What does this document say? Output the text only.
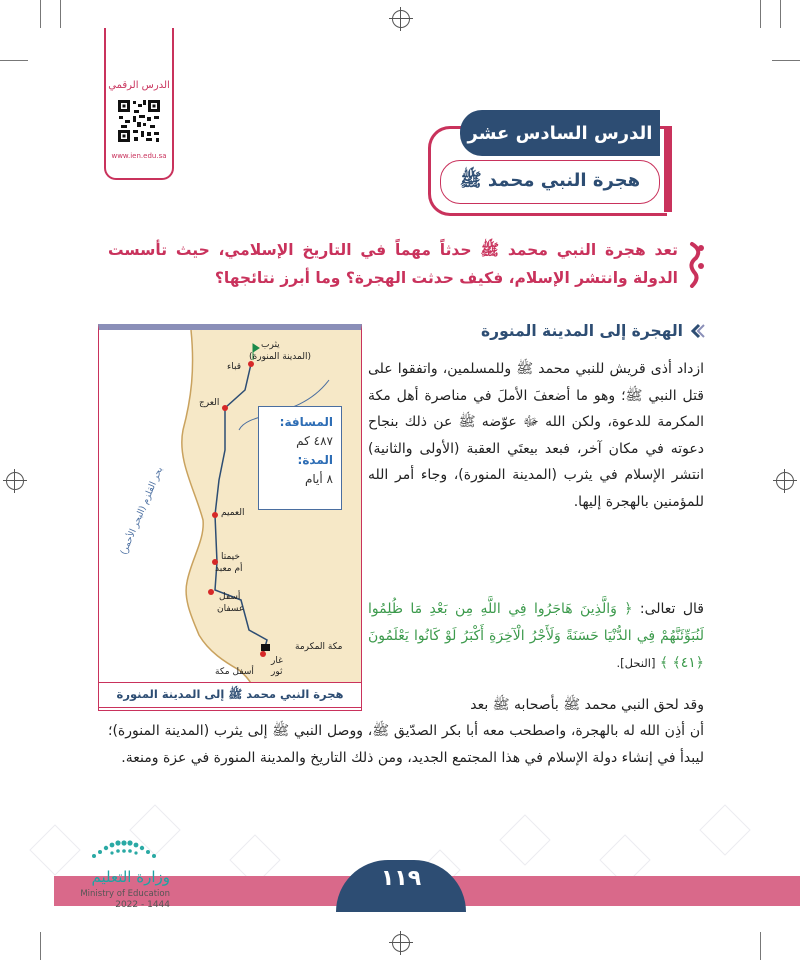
الدرس الرقمي
www.ien.edu.sa
الدرس السادس عشر
هجرة النبي محمد ﷺ
تعد هجرة النبي محمد ﷺ حدثاً مهماً في التاريخ الإسلامي، حيث تأسست الدولة وانتشر الإسلام، فكيف حدثت الهجرة؟ وما أبرز نتائجها؟
الهجرة إلى المدينة المنورة
ازداد أذى قريش للنبي محمد ﷺ وللمسلمين، واتفقوا على قتل النبي ﷺ؛ وهو ما أضعفَ الأملَ في مناصرة أهل مكة المكرمة للدعوة، ولكن الله ﷻ عوّضه ﷺ عن ذلك بنجاح دعوته في مكان آخر، فبعد بيعتَي العقبة (الأولى والثانية) انتشر الإسلام في يثرب (المدينة المنورة)، وجاء أمر الله للمؤمنين بالهجرة إليها.
قال تعالى: ﴿ وَالَّذِينَ هَاجَرُوا فِي اللَّهِ مِن بَعْدِ مَا ظُلِمُوا لَنُبَوِّئَنَّهُمْ فِي الدُّنْيَا حَسَنَةً وَلَأَجْرُ الْآخِرَةِ أَكْبَرُ لَوْ كَانُوا يَعْلَمُونَ ﴿٤١﴾ ﴾ [النحل].
وقد لحق النبي محمد ﷺ بأصحابه ﷺ بعد
أن أذِن الله له بالهجرة، واصطحب معه أبا بكر الصدّيق ﷺ، ووصل النبي ﷺ إلى يثرب (المدينة المنورة)؛ ليبدأ في إنشاء دولة الإسلام في هذا المجتمع الجديد، ومن ذلك التاريخ والمدينة المنورة في عزة ومنعة.
يثرب
(المدينة المنورة)
قباء
العرج
العميم
خيمتا
أم معبد
أسفل
عسفان
مكة المكرمة
غار
ثور
أسفل مكة
بحر القلزم (البحر الأحمر)
المسافة:
٤٨٧ كم
المدة:
٨ أيام
هجرة النبي محمد ﷺ إلى المدينة المنورة
١١٩
وزارة التعليم
Ministry of Education
2022 - 1444
